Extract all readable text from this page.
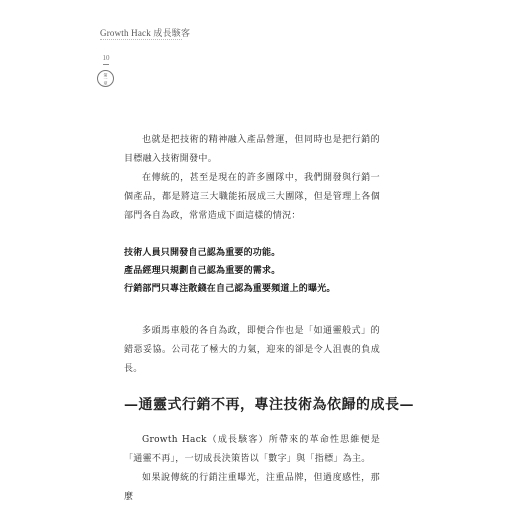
Growth Hack 成長駭客
10
第一章

也就是把技術的精神融入產品營運，但同時也是把行銷的目標融入技術開發中。

在傳統的，甚至是現在的許多團隊中，我們開發與行銷一個產品，都是將這三大職能拓展成三大團隊，但是管理上各個部門各自為政，常常造成下面這樣的情況：

技術人員只開發自己認為重要的功能。

產品經理只規劃自己認為重要的需求。

行銷部門只專注散錢在自己認為重要頻道上的曝光。

多頭馬車般的各自為政，即便合作也是「如通靈般式」的錯惡妥協。公司花了極大的力氣，迎來的卻是令人沮喪的負成長。

—通靈式行銷不再，專注技術為依歸的成長—

Growth Hack（成長駭客）所帶來的革命性思維便是「通靈不再」，一切成長決策皆以「數字」與「指標」為主。

如果說傳統的行銷注重曝光，注重品牌，但過度感性，那麼
